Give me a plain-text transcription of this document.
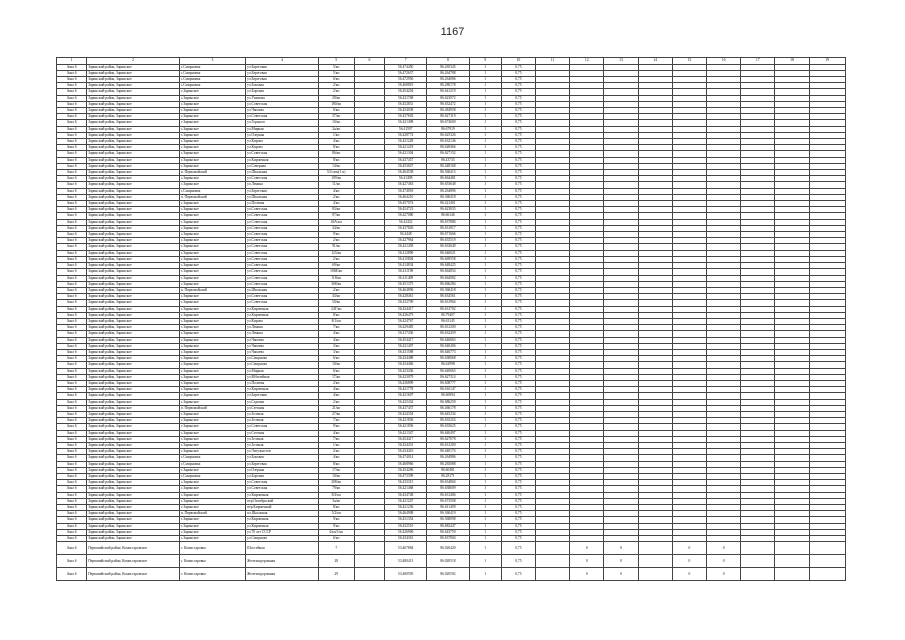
1167
1	2	3	4	5	6	7	8	9	10	11	12	13	14	15	16	17	18	19
Зона 6	Заринский район, Заринское	с.Смирновка	ул.Береговая	5/кп		56.474450	86.265345	1	0,75									
Зона 6	Заринский район, Заринское	с.Смирновка	ул.Береговая	5/кп		56.472637	86.264788	1	0,75									
Зона 6	Заринский район, Заринское	с.Смирновка	ул.Береговая	6/кп		56.472956	86.264086	1	0,75									
Зона 6	Заринский район, Заринское	с.Смирновка	ул.Боковая	2/кп		56.468819	86.280178	1	0,75									
Зона 6	Заринский район, Заринское	с.Заринское	ул.Боровая	2/кп		56.454204	86.641219	1	0,75									
Зона 6	Заринский район, Заринское	с.Заринское	ул.Ушакова	29/кп		56.421768	86.623072	1	0,75									
Зона 6	Заринский район, Заринское	с.Заринское	ул.Советская	180/кп		56.452831	86.632472	1	0,75									
Зона 6	Заринский район, Заринское	с.Заринское	ул.Чапаева	6/кп		56.454038	86.484958	1	0,75									
Зона 6	Заринский район, Заринское	с.Заринское	ул.Советская	37/кп		56.437603	86.627119	1	0,75									
Зона 6	Заринский район, Заринское	с.Заринское	ул.Горького	10/кп		56.421498	86.674600	1	0,75									
Зона 6	Заринский район, Заринское	с.Заринское	ул.Мирная	2а/кп		56.41597	86.67919	1	0,75									
Зона 6	Заринский район, Заринское	с.Заринское	ул.Озерная	1/кп		56.428774	86.625326	1	0,75									
Зона 6	Заринский район, Заринское	с.Заринское	ул.Кирова	4/кп		56.421228	86.632146	1	0,75									
Зона 6	Заринский район, Заринское	с.Заринское	ул.Кирова	8/кп		56.421218	86.628466	1	0,75									
Зона 6	Заринский район, Заринское	с.Заринское	ул.Советская	86/кп		56.421304	86.627152	1	0,75									
Зона 6	Заринский район, Заринское	с.Заринское	ул.Кирпичная	8/кп		56.437457	86.43735	1	0,75									
Зона 6	Заринский район, Заринское	с.Заринское	ул.Северная	14/кп		56.453047	86.448168	1	0,75									
Зона 6	Заринский район, Заринское	п. Первомайский	ул.Школьная	5/4 пом(1-к)		56.464538	86.560413	1	0,75									
Зона 6	Заринский район, Заринское	с.Заринское	ул.Советская	109/кп		56.41498	86.664481	1	0,75									
Зона 6	Заринский район, Заринское	с.Заринское	ул.Ленина	11/кп		56.427463	86.653648	1	0,75									
Зона 6	Заринский район, Заринское	с.Смирновка	ул.Береговая	4/кп		56.474018	86.264896	1	0,75									
Зона 6	Заринский район, Заринское	п. Первомайский	ул.Школьная	2/кп		56.464210	86.360418	1	0,75									
Зона 6	Заринский район, Заринское	с.Заринское	ул.Полевая	4/кп		56.457074	86.421401	1	0,75									
Зона 6	Заринский район, Заринское	с.Заринское	ул.Советская	83/кп		56.454723	86.623835	1	0,75									
Зона 6	Заринский район, Заринское	с.Заринское	ул.Советская	97/кп		56.427080	86.66146	1	0,75									
Зона 6	Заринский район, Заринское	с.Заринское	ул.Советская	46А/кп		56.42432	86.637886	1	0,75									
Зона 6	Заринский район, Заринское	с.Заринское	ул.Советская	44/кп		56.437826	86.631817	1	0,75									
Зона 6	Заринский район, Заринское	с.Заринское	ул.Советская	9/кп		56.4448	86.671666	1	0,75									
Зона 6	Заринский район, Заринское	с.Заринское	ул.Советская	2/кп		56.427964	86.635519	1	0,75									
Зона 6	Заринский район, Заринское	с.Заринское	ул.Советская	91/кп		56.421458	86.633649	1	0,75									
Зона 6	Заринский район, Заринское	с.Заринское	ул.Советская	123/кп		56.412890	86.646021	1	0,75									
Зона 6	Заринский район, Заринское	с.Заринское	ул.Советская	2/кп		56.415804	86.669558	1	0,75									
Зона 6	Заринский район, Заринское	с.Заринское	ул.Советская	69/кп		56.414834	86.648425	1	0,75									
Зона 6	Заринский район, Заринское	с.Заринское	ул.Советская	106Е/кп		56.411198	86.664054	1	0,75									
Зона 6	Заринский район, Заринское	с.Заринское	ул.Советская	118/кп		56.411409	86.664082	1	0,75									
Зона 6	Заринский район, Заринское	с.Заринское	ул.Советская	368/кп		56.451375	86.666284	1	0,75									
Зона 6	Заринский район, Заринское	п. Первомайский	ул.Школьная	2/кп		56.464896	86.360418	1	0,75									
Зона 6	Заринский район, Заринское	с.Заринское	ул.Советская	43/кп		56.428461	86.634561	1	0,75									
Зона 6	Заринский район, Заринское	с.Заринское	ул.Советская	50/кп		56.432709	86.631964	1	0,75									
Зона 6	Заринский район, Заринское	с.Заринское	ул.Кирпичная	24Г/кп		56.434417	86.631702	1	0,75									
Зона 6	Заринский район, Заринское	с.Заринское	ул.Кирпичная	8/кп		56.426475	86.79407	1	0,75									
Зона 6	Заринский район, Заринское	с.Заринское	ул.Кирова	8/1/кп		56.424767	86.63145	1	0,75									
Зона 6	Заринский район, Заринское	с.Заринское	ул.Ленина	7/кп		56.429485	86.631200	1	0,75									
Зона 6	Заринский район, Заринское	с.Заринское	ул.Ленина	4/кп		56.417430	86.632459	1	0,75									
Зона 6	Заринский район, Заринское	с.Заринское	ул.Чапаева	4/кп		56.454417	86.646863	1	0,75									
Зона 6	Заринский район, Заринское	с.Заринское	ул.Чапаева	3/кп		56.421407	86.640406	1	0,75									
Зона 6	Заринский район, Заринское	с.Заринское	ул.Чапаева	3/кп		56.431588	86.646773	1	0,75									
Зона 6	Заринский район, Заринское	с.Заринское	ул.Смирнова	6/кп		56.434488	86.638068	1	0,75									
Зона 6	Заринский район, Заринское	с.Заринское	ул.Смирнова	10/кп		56.434466	86.62998	1	0,75									
Зона 6	Заринский район, Заринское	с.Заринское	ул.Мирная	6/кп		56.423436	86.640663	1	0,75									
Зона 6	Заринский район, Заринское	с.Заринское	ул.Юбилейная	17/кп		56.423079	86.627314	1	0,75									
Зона 6	Заринский район, Заринское	с.Заринское	ул.Полевая	2/кп		56.436899	86.608777	1	0,75									
Зона 6	Заринский район, Заринское	с.Заринское	ул.Кирпичная	4/кп		56.421778	86.616147	1	0,75									
Зона 6	Заринский район, Заринское	с.Заринское	ул.Береговая	4/кп		56.421607	86.66994	1	0,75									
Зона 6	Заринский район, Заринское	с.Заринское	ул.Садовая	2/кп		56.425434	86.686250	1	0,75									
Зона 6	Заринский район, Заринское	п. Первомайский	ул.Степная	21/кп		56.437437	86.466178	1	0,75									
Зона 6	Заринский район, Заринское	с.Заринское	ул.Зеленая	27/кп		56.424354	86.645234	1	0,75									
Зона 6	Заринский район, Заринское	с.Заринское	ул.Зеленая	7/кп		56.421836	86.635254	1	0,75									
Зона 6	Заринский район, Заринское	с.Заринское	ул.Советская	9/кп		56.421836	86.635625	1	0,75									
Зона 6	Заринский район, Заринское	с.Заринское	ул.Степная	4/кп		56.421347	86.640497	1	0,75									
Зона 6	Заринский район, Заринское	с.Заринское	ул.Зеленая	7/кп		56.454417	86.627078	1	0,75									
Зона 6	Заринский район, Заринское	с.Заринское	ул.Зеленая	1/кп		56.434431	86.631200	1	0,75									
Зона 6	Заринский район, Заринское	с.Заринское	ул.Энтузиастов	2/кп		56.434416	86.640174	1	0,75									
Зона 6	Заринский район, Заринское	с.Смирновка	ул.Боковая	4/кп		56.474014	86.264986	1	0,75									
Зона 6	Заринский район, Заринское	с.Смирновка	ул.Береговая	8/кп		56.468966	86.265088	1	0,75									
Зона 6	Заринский район, Заринское	с.Заринское	ул.Озерная	17/кп		56.454286	86.60481	1	0,75									
Зона 6	Заринский район, Заринское	с.Смирновка	ул.Боровая	10/кп		56.473399	86.28171	1	0,75									
Зона 6	Заринский район, Заринское	с.Заринское	ул.Советская	208/кп		56.433315	86.634804	1	0,75									
Зона 6	Заринский район, Заринское	с.Заринское	ул.Советская	79/кп		56.421468	86.638609	1	0,75									
Зона 6	Заринский район, Заринское	с.Заринское	ул.Кирпичная	8/2/кп		56.434748	86.631406	1	0,75									
Зона 6	Заринский район, Заринское	с.Заринское	пер.Октябрьский	3а/кп		56.421247	86.673508	1	0,75									
Зона 6	Заринский район, Заринское	с.Заринское	пер.Кирпичный	8/кп		56.421236	86.611409	1	0,75									
Зона 6	Заринский район, Заринское	п. Первомайский	пл.Школьная	5/2/кп		56.464908	86.360419	1	0,75									
Зона 6	Заринский район, Заринское	с.Заринское	ул.Кирпичная	9/кп		56.431354	86.568098	1	0,75									
Зона 6	Заринский район, Заринское	с.Заринское	ул.Кирпичная	9/кп		56.432516	86.682447	1	0,75									
Зона 6	Заринский район, Заринское	с.Заринское	ул.70 лет СССР	4/кп/1/кп		56.426906	86.643750	1	0,75									
Зона 6	Заринский район, Заринское	с.Заринское	ул.Смирнова	6/кп		56.434361	86.637904	1	0,75									
Зона 6	Первомайский район, Комиссаровское	с. Комиссаровка	Шоссейная	7		53.467884	86.026420	1	0,75		0	0		0	0			
Зона 6	Первомайский район, Комиссаровское	с. Комиссаровка	Железнодорожная	28		53.480413	86.020518	1	0,75		0	0		0	0			
Зона 6	Первомайский район, Комиссаровское	с. Комиссаровка	Железнодорожная	29		53.480595	86.020592	1	0,75		0	0		0	0			
